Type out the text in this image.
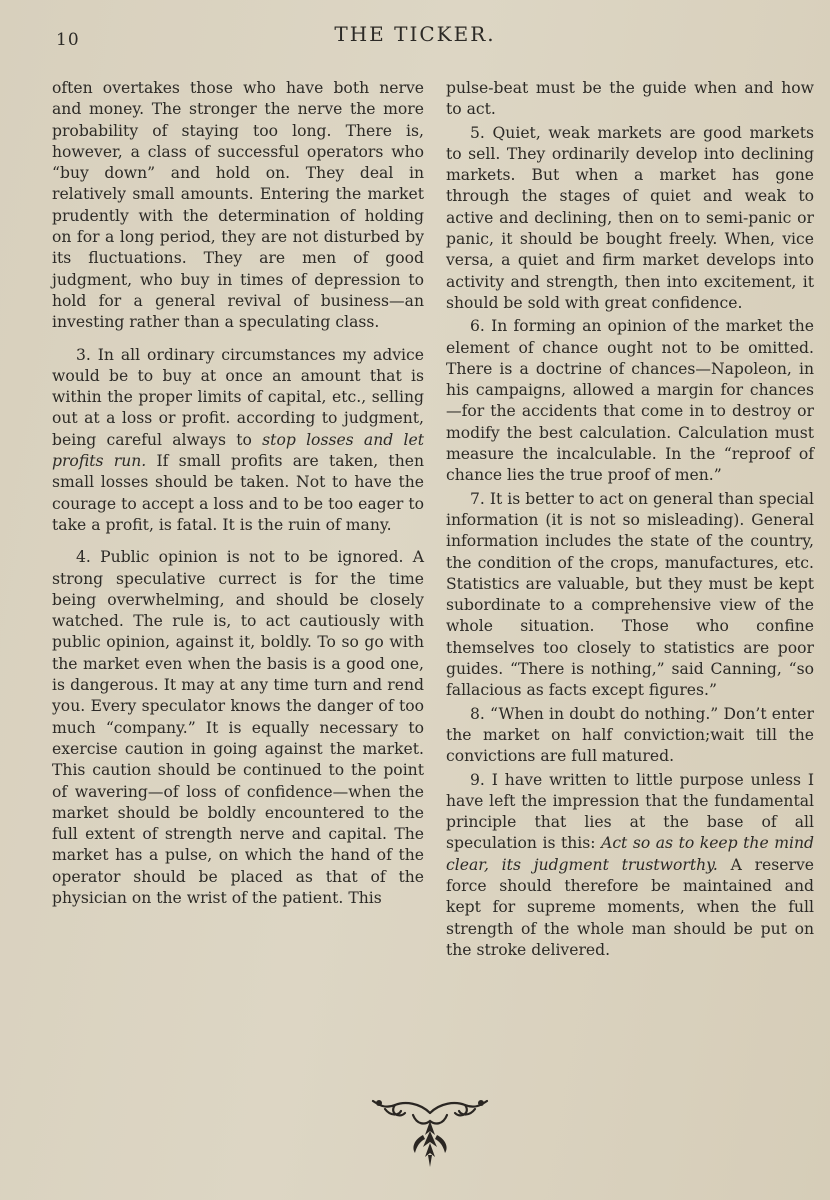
10	THE TICKER.

often overtakes those who have both nerve and money. The stronger the nerve the more probability of staying too long. There is, however, a class of successful operators who “buy down” and hold on. They deal in relatively small amounts. Entering the market prudently with the determination of holding on for a long period, they are not disturbed by its fluctuations. They are men of good judgment, who buy in times of depression to hold for a general revival of business—an investing rather than a speculating class.

3. In all ordinary circumstances my advice would be to buy at once an amount that is within the proper limits of capital, etc., selling out at a loss or profit. according to judgment, being careful always to stop losses and let profits run. If small profits are taken, then small losses should be taken. Not to have the courage to accept a loss and to be too eager to take a profit, is fatal. It is the ruin of many.

4. Public opinion is not to be ignored. A strong speculative currect is for the time being overwhelming, and should be closely watched. The rule is, to act cautiously with public opinion, against it, boldly. To so go with the market even when the basis is a good one, is dangerous. It may at any time turn and rend you. Every speculator knows the danger of too much “company.” It is equally necessary to exercise caution in going against the market. This caution should be continued to the point of wavering—of loss of confidence—when the market should be boldly encountered to the full extent of strength nerve and capital. The market has a pulse, on which the hand of the operator should be placed as that of the physician on the wrist of the patient. This

pulse-beat must be the guide when and how to act.

5. Quiet, weak markets are good markets to sell. They ordinarily develop into declining markets. But when a market has gone through the stages of quiet and weak to active and declining, then on to semi-panic or panic, it should be bought freely. When, vice versa, a quiet and firm market develops into activity and strength, then into excitement, it should be sold with great confidence.

6. In forming an opinion of the market the element of chance ought not to be omitted. There is a doctrine of chances—Napoleon, in his campaigns, allowed a margin for chances—for the accidents that come in to destroy or modify the best calculation. Calculation must measure the incalculable. In the “reproof of chance lies the true proof of men.”

7. It is better to act on general than special information (it is not so misleading). General information includes the state of the country, the condition of the crops, manufactures, etc. Statistics are valuable, but they must be kept subordinate to a comprehensive view of the whole situation. Those who confine themselves too closely to statistics are poor guides. “There is nothing,” said Canning, “so fallacious as facts except figures.”

8. “When in doubt do nothing.” Don’t enter the market on half conviction;wait till the convictions are full matured.

9. I have written to little purpose unless I have left the impression that the fundamental principle that lies at the base of all speculation is this: Act so as to keep the mind clear, its judgment trustworthy. A reserve force should therefore be maintained and kept for supreme moments, when the full strength of the whole man should be put on the stroke delivered.
